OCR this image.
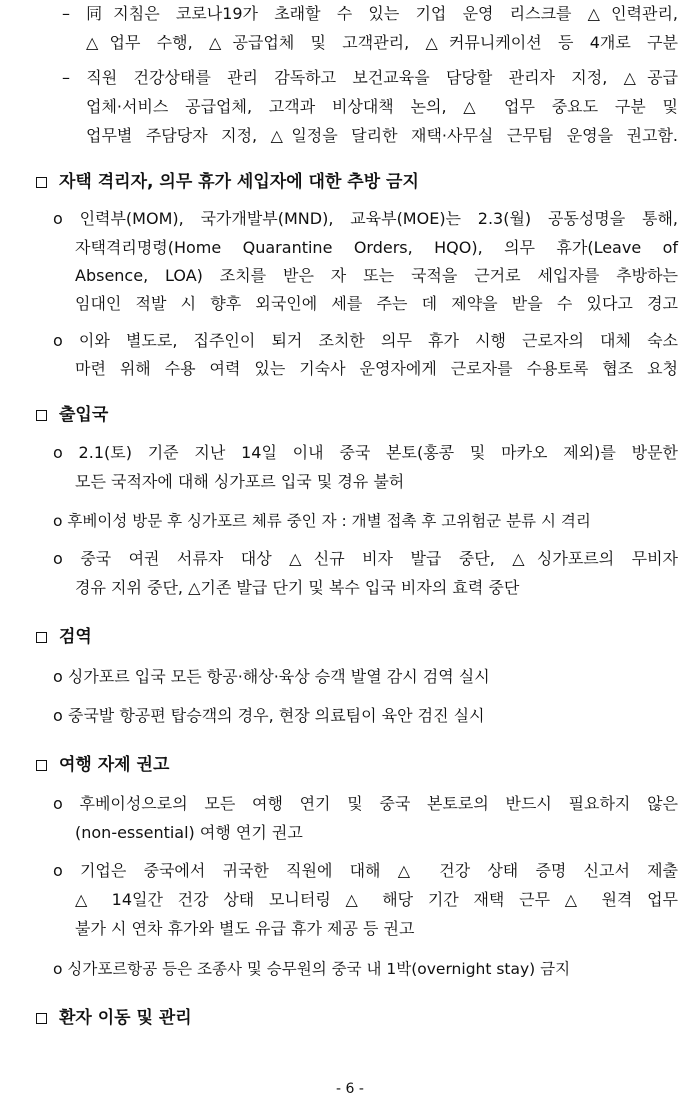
– 同지침은 코로나19가 초래할 수 있는 기업 운영 리스크를 △인력관리,
△업무 수행, △공급업체 및 고객관리, △커뮤니케이션 등 4개로 구분
– 직원 건강상태를 관리 감독하고 보건교육을 담당할 관리자 지정, △공급
업체·서비스 공급업체, 고객과 비상대책 논의, △ 업무 중요도 구분 및
업무별 주담당자 지정, △일정을 달리한 재택·사무실 근무팀 운영을 권고함.
자택 격리자, 의무 휴가 세입자에 대한 추방 금지
o 인력부(MOM), 국가개발부(MND), 교육부(MOE)는 2.3(월) 공동성명을 통해,
자택격리명령(Home Quarantine Orders, HQO), 의무 휴가(Leave of
Absence, LOA) 조치를 받은 자 또는 국적을 근거로 세입자를 추방하는
임대인 적발 시 향후 외국인에 세를 주는 데 제약을 받을 수 있다고 경고
o 이와 별도로, 집주인이 퇴거 조치한 의무 휴가 시행 근로자의 대체 숙소
마련 위해 수용 여력 있는 기숙사 운영자에게 근로자를 수용토록 협조 요청
출입국
o 2.1(토) 기준 지난 14일 이내 중국 본토(홍콩 및 마카오 제외)를 방문한
모든 국적자에 대해 싱가포르 입국 및 경유 불허
o 후베이성 방문 후 싱가포르 체류 중인 자 : 개별 접촉 후 고위험군 분류 시 격리
o 중국 여권 서류자 대상 △신규 비자 발급 중단, △싱가포르의 무비자
경유 지위 중단, △기존 발급 단기 및 복수 입국 비자의 효력 중단
검역
o 싱가포르 입국 모든 항공·해상·육상 승객 발열 감시 검역 실시
o 중국발 항공편 탑승객의 경우, 현장 의료팀이 육안 검진 실시
여행 자제 권고
o 후베이성으로의 모든 여행 연기 및 중국 본토로의 반드시 필요하지 않은
(non-essential) 여행 연기 권고
o 기업은 중국에서 귀국한 직원에 대해 △ 건강 상태 증명 신고서 제출
△ 14일간 건강 상태 모니터링 △ 해당 기간 재택 근무 △ 원격 업무
불가 시 연차 휴가와 별도 유급 휴가 제공 등 권고
o 싱가포르항공 등은 조종사 및 승무원의 중국 내 1박(overnight stay) 금지
환자 이동 및 관리
- 6 -
